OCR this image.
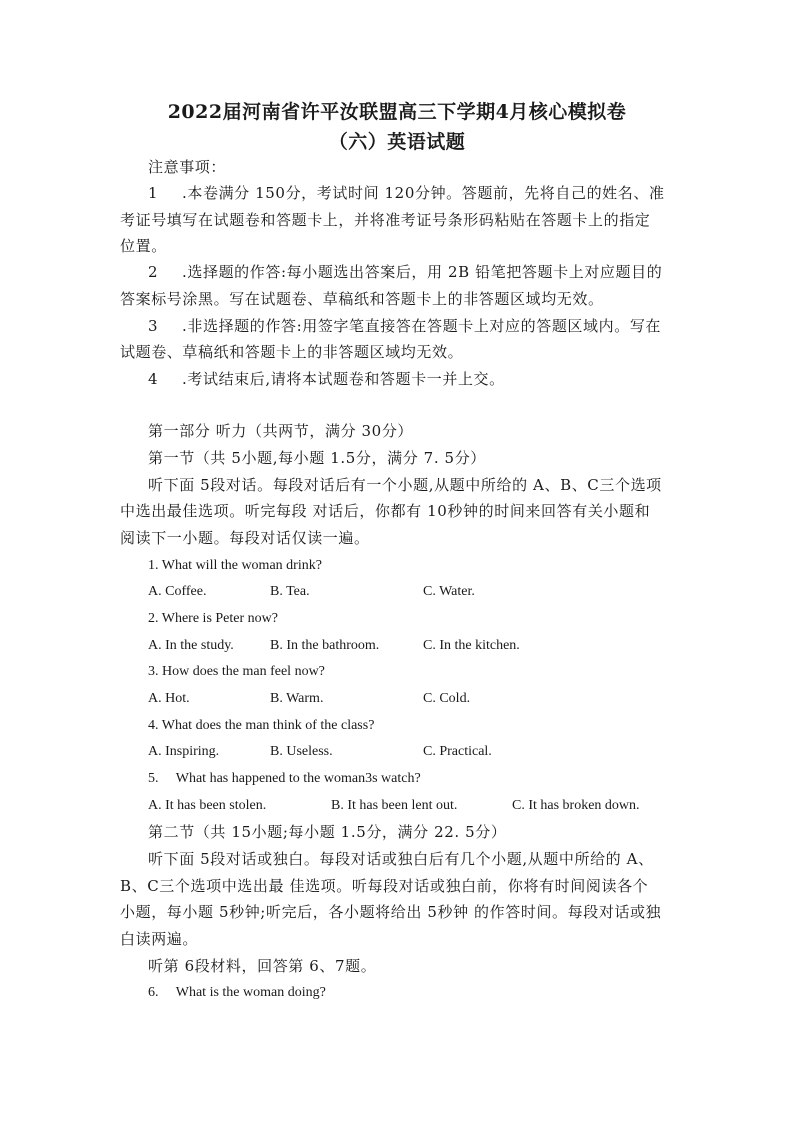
2022届河南省许平汝联盟高三下学期4月核心模拟卷
（六）英语试题
注意事项：
1 .本卷满分 150分，考试时间 120分钟。答题前，先将自己的姓名、准
考证号填写在试题卷和答题卡上，并将准考证号条形码粘贴在答题卡上的指定
位置。
2 .选择题的作答:每小题选出答案后，用 2B 铅笔把答题卡上对应题目的
答案标号涂黑。写在试题卷、草稿纸和答题卡上的非答题区域均无效。
3 .非选择题的作答:用签字笔直接答在答题卡上对应的答题区域内。写在
试题卷、草稿纸和答题卡上的非答题区域均无效。
4 .考试结束后,请将本试题卷和答题卡一并上交。
第一部分 听力（共两节，满分 30分）
第一节（共 5小题,每小题 1.5分，满分 7. 5分）
听下面 5段对话。每段对话后有一个小题,从题中所给的 A、B、C三个选项
中选出最佳选项。听完每段 对话后，你都有 10秒钟的时间来回答有关小题和
阅读下一小题。每段对话仅读一遍。
1. What will the woman drink?
A. Coffee.	B. Tea.	C. Water.
2. Where is Peter now?
A. In the study.	B. In the bathroom.	C. In the kitchen.
3. How does the man feel now?
A. Hot.	B. Warm.	C. Cold.
4. What does the man think of the class?
A. Inspiring.	B. Useless.	C. Practical.
5.     What has happened to the woman3s watch?
A. It has been stolen.	B. It has been lent out.	C. It has broken down.
第二节（共 15小题;每小题 1.5分，满分 22. 5分）
听下面 5段对话或独白。每段对话或独白后有几个小题,从题中所给的 A、
B、C三个选项中选出最 佳选项。听每段对话或独白前，你将有时间阅读各个
小题，每小题 5秒钟;听完后，各小题将给出 5秒钟 的作答时间。每段对话或独
白读两遍。
听第 6段材料，回答第 6、7题。
6.     What is the woman doing?
